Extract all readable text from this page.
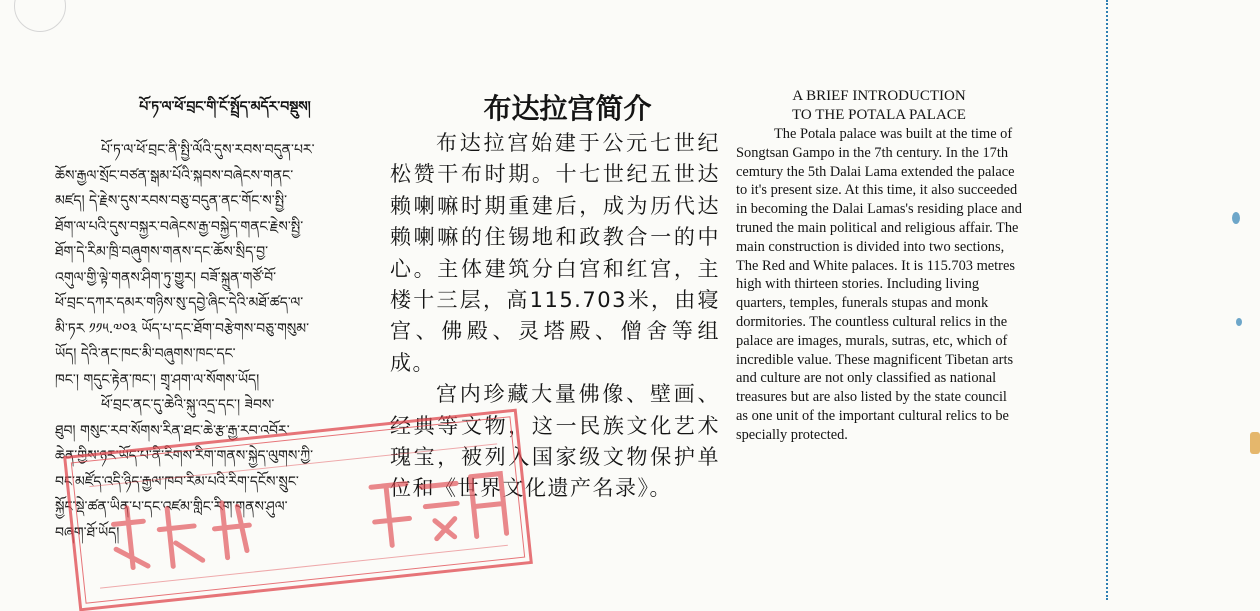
པོ་ཏ་ལ་ཕོ་བྲང་གི་ངོ་སྤྲོད་མདོར་བསྡུས།
པོ་ཏ་ལ་ཕོ་བྲང་ནི་སྤྱི་ལོའི་དུས་རབས་བདུན་པར་
ཆོས་རྒྱལ་སྲོང་བཙན་སྒམ་པོའི་སྐབས་བཞེངས་གནང་
མཛད། དེ་རྗེས་དུས་རབས་བཅུ་བདུན་ནང་གོང་ས་སྤྱི་
ཐོག་ལ་པའི་དུས་བསྐྱར་བཞེངས་རྒྱ་བསྐྱེད་གནང་རྗེས་སྤྱི་
ཐོག་དེ་རིམ་ཁྲི་བཞུགས་གནས་དང་ཆོས་སྲིད་བྱ་
འགུལ་གྱི་ལྟེ་གནས་ཤིག་ཏུ་གྱུར། བཟོ་སྐྲུན་གཙོ་བོ་
ཕོ་བྲང་དཀར་དམར་གཉིས་སུ་དབྱེ་ཞིང་དེའི་མཐོ་ཚད་ལ་
མི་ཏར ༡༡༥.༧༠༣ ཡོད་པ་དང་ཐོག་བརྩེགས་བཅུ་གསུམ་
ཡོད། དེའི་ནང་ཁང་མི་བཞུགས་ཁང་དང་
ཁང་། གདུང་རྟེན་ཁང་། གྲྭ་ཤག་ལ་སོགས་ཡོད།
ཕོ་བྲང་ནང་དུ་ཆེའི་སྐུ་འདྲ་དང་། ཟེབས་
ཐུབ། གསུང་རབ་སོགས་རིན་ཐང་ཆེ་རྩ་རྒྱ་རབ་འབོར་
ཆེན་གྱིས་ཉར་ཡོད་པ་ནི་རིགས་རིག་གནས་སྐྱེད་ལུགས་ཀྱི་
བང་མཛོད་འདི་ཉིད་རྒྱལ་ཁབ་རིམ་པའི་རིག་དངོས་སྲུང་
སྐྱོང་སྡེ་ཚན་ཡིན་པ་དང་འཛམ་གླིང་རིག་གནས་ཤུལ་
བཞག་ཐོ་ཡོད།
布达拉宫简介

布达拉宫始建于公元七世纪松赞干布时期。十七世纪五世达赖喇嘛时期重建后，成为历代达赖喇嘛的住锡地和政教合一的中心。主体建筑分白宫和红宫，主楼十三层，高115.703米，由寝宫、佛殿、灵塔殿、僧舍等组成。

宫内珍藏大量佛像、壁画、经典等文物，这一民族文化艺术瑰宝，被列入国家级文物保护单位和《世界文化遗产名录》。

A BRIEF INTRODUCTION
TO THE POTALA PALACE

The Potala palace was built at the time of Songtsan Gampo in the 7th century. In the 17th cemtury the 5th Dalai Lama extended the palace to it's present size. At this time, it also succeeded in becoming the Dalai Lamas's residing place and truned the main political and religious affair. The main construction is divided into two sections, The Red and White palaces. It is 115.703 metres high with thirteen stories. Including living quarters, temples, funerals stupas and monk dormitories. The countless cultural relics in the palace are images, murals, sutras, etc, which of incredible value. These magnificent Tibetan arts and culture are not only classified as national treasures but are also listed by the state council as one unit of the important cultural relics to be specially protected.
